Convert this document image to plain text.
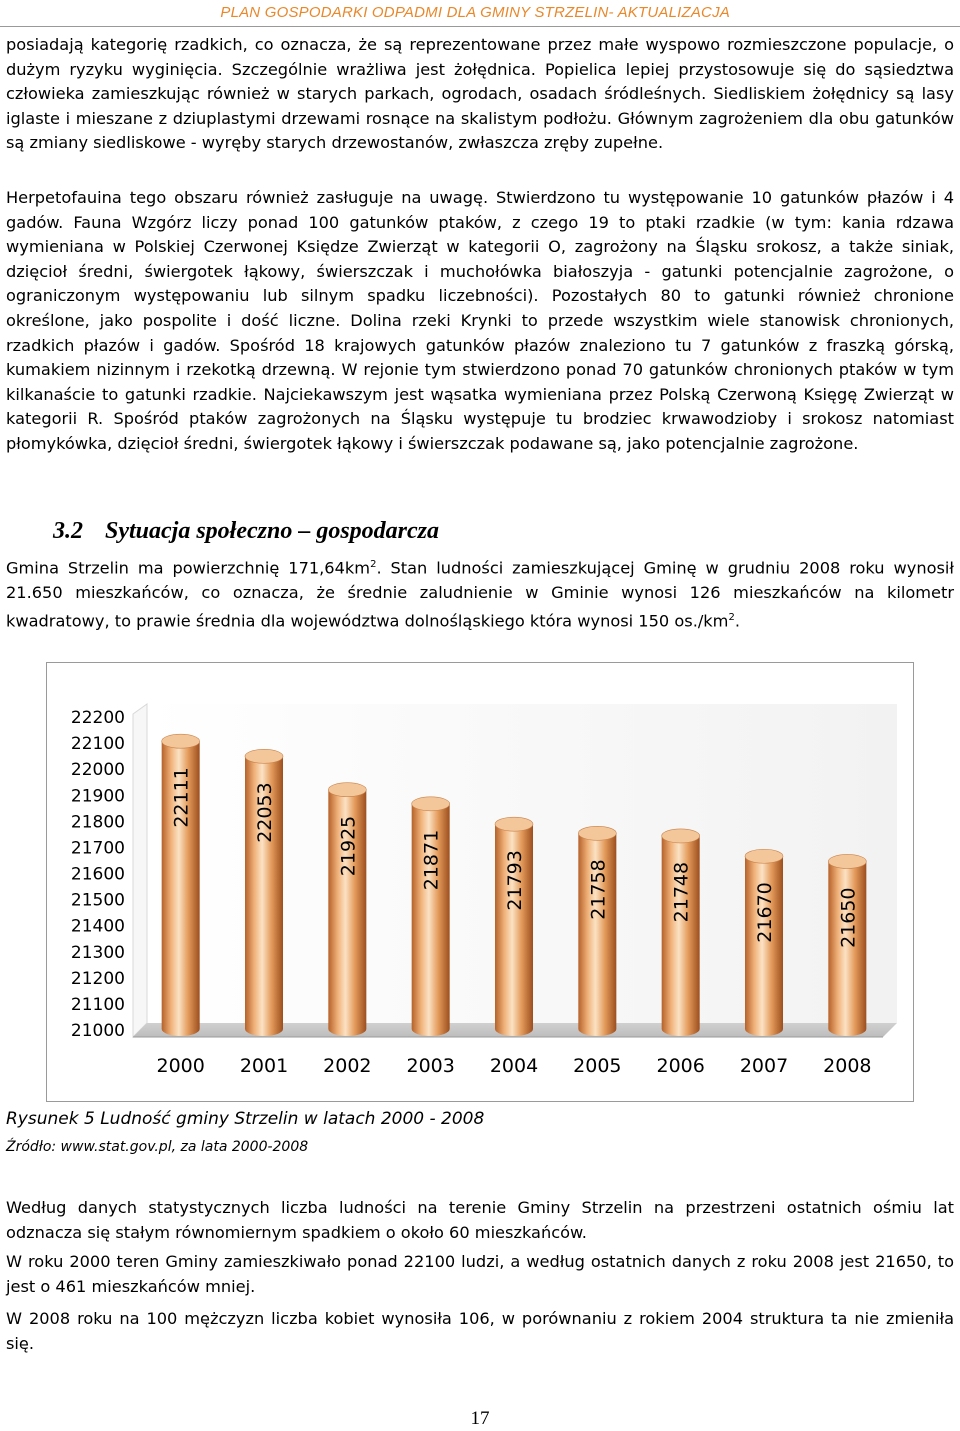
PLAN GOSPODARKI ODPADMI DLA GMINY STRZELIN- AKTUALIZACJA

posiadają kategorię rzadkich, co oznacza, że są reprezentowane przez małe wyspowo rozmieszczone populacje, o dużym ryzyku wyginięcia. Szczególnie wrażliwa jest żołędnica. Popielica lepiej przystosowuje się do sąsiedztwa człowieka zamieszkując również w starych parkach, ogrodach, osadach śródleśnych. Siedliskiem żołędnicy są lasy iglaste i mieszane z dziuplastymi drzewami rosnące na skalistym podłożu. Głównym zagrożeniem dla obu gatunków są zmiany siedliskowe - wyręby starych drzewostanów, zwłaszcza zręby zupełne.

Herpetofauina tego obszaru również zasługuje na uwagę. Stwierdzono tu występowanie 10 gatunków płazów i 4 gadów. Fauna Wzgórz liczy ponad 100 gatunków ptaków, z czego 19 to ptaki rzadkie (w tym: kania rdzawa wymieniana w Polskiej Czerwonej Księdze Zwierząt w kategorii O, zagrożony na Śląsku srokosz, a także siniak, dzięcioł średni, świergotek łąkowy, świerszczak i muchołówka białoszyja - gatunki potencjalnie zagrożone, o ograniczonym występowaniu lub silnym spadku liczebności). Pozostałych 80 to gatunki również chronione określone, jako pospolite i dość liczne. Dolina rzeki Krynki to przede wszystkim wiele stanowisk chronionych, rzadkich płazów i gadów. Spośród 18 krajowych gatunków płazów znaleziono tu 7 gatunków z fraszką górską, kumakiem nizinnym i rzekotką drzewną. W rejonie tym stwierdzono ponad 70 gatunków chronionych ptaków w tym kilkanaście to gatunki rzadkie. Najciekawszym jest wąsatka wymieniana przez Polską Czerwoną Księgę Zwierząt w kategorii R. Spośród ptaków zagrożonych na Śląsku występuje tu brodziec krwawodzioby i srokosz natomiast płomykówka, dzięcioł średni, świergotek łąkowy i świerszczak podawane są, jako potencjalnie zagrożone.

3.2 Sytuacja społeczno – gospodarcza

Gmina Strzelin ma powierzchnię $171,64km^2$. Stan ludności zamieszkującej Gminę w grudniu 2008 roku wynosił 21.650 mieszkańców, co oznacza, że średnie zaludnienie w Gminie wynosi 126 mieszkańców na kilometr kwadratowy, to prawie średnia dla województwa dolnośląskiego która wynosi 150 $os./km^2$.

21000
21100
21200
21300
21400
21500
21600
21700
21800
21900
22000
22100
22200
22111
2000
22053
2001
21925
2002
21871
2003
21793
2004
21758
2005
21748
2006
21670
2007
21650
2008
Rysunek 5 Ludność gminy Strzelin w latach 2000 - 2008
Źródło: www.stat.gov.pl, za lata 2000-2008

Według danych statystycznych liczba ludności na terenie Gminy Strzelin na przestrzeni ostatnich ośmiu lat odznacza się stałym równomiernym spadkiem o około 60 mieszkańców.

W roku 2000 teren Gminy zamieszkiwało ponad 22100 ludzi, a według ostatnich danych z roku 2008 jest 21650, to jest o 461 mieszkańców mniej.

W 2008 roku na 100 mężczyzn liczba kobiet wynosiła 106, w porównaniu z rokiem 2004 struktura ta nie zmieniła się.

17
